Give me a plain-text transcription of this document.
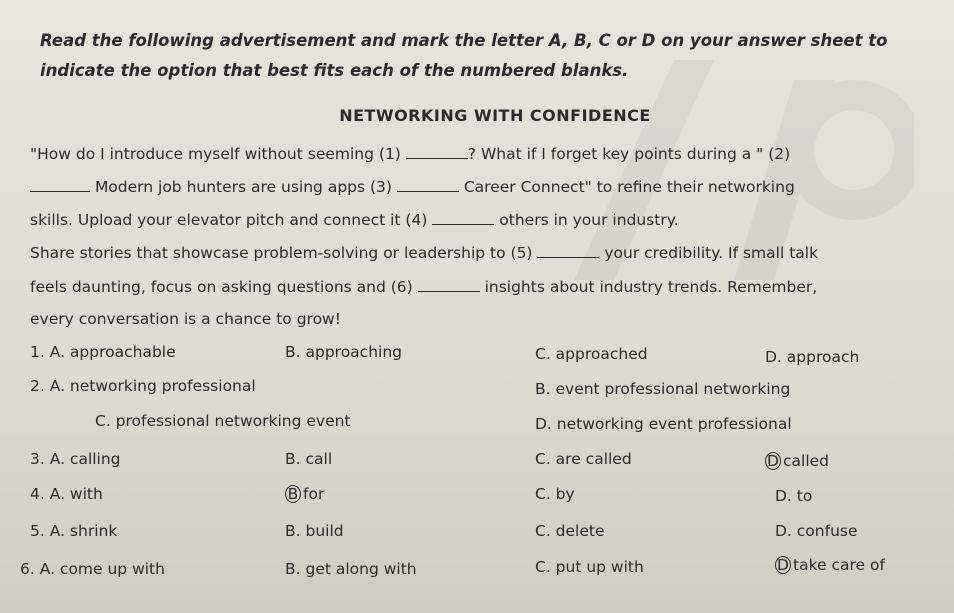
Read the following advertisement and mark the letter A, B, C or D on your answer sheet to indicate the option that best fits each of the numbered blanks.
NETWORKING WITH CONFIDENCE
"How do I introduce myself without seeming (1)	? What if I forget key points during a " (2)
Modern job hunters are using apps (3)	Career Connect" to refine their networking
skills. Upload your elevator pitch and connect it (4)	others in your industry.
Share stories that showcase problem-solving or leadership to (5)	your credibility. If small talk
feels daunting, focus on asking questions and (6)	insights about industry trends. Remember,
every conversation is a chance to grow!
1. A. approachable	B. approaching	C. approached	D. approach
2. A. networking professional	B. event professional networking
C. professional networking event	D. networking event professional
3. A. calling	B. call	C. are called	D called
4. A. with	B for	C. by	D. to
5. A. shrink	B. build	C. delete	D. confuse
6. A. come up with	B. get along with	C. put up with	D take care of
